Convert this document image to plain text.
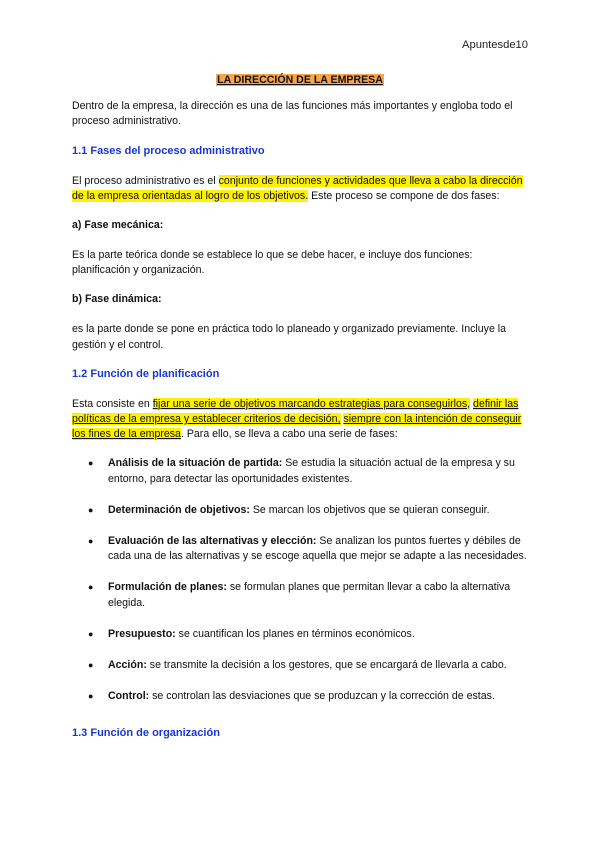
Apuntesde10
LA DIRECCIÓN DE LA EMPRESA

Dentro de la empresa, la dirección es una de las funciones más importantes y engloba todo el proceso administrativo.

1.1 Fases del proceso administrativo

El proceso administrativo es el conjunto de funciones y actividades que lleva a cabo la dirección de la empresa orientadas al logro de los objetivos. Este proceso se compone de dos fases:

a) Fase mecánica:

Es la parte teórica donde se establece lo que se debe hacer, e incluye dos funciones: planificación y organización.

b) Fase dinámica:

es la parte donde se pone en práctica todo lo planeado y organizado previamente. Incluye la gestión y el control.

1.2 Función de planificación

Esta consiste en fijar una serie de objetivos marcando estrategias para conseguirlos, definir las políticas de la empresa y establecer criterios de decisión, siempre con la intención de conseguir los fines de la empresa. Para ello, se lleva a cabo una serie de fases:

● Análisis de la situación de partida: Se estudia la situación actual de la empresa y su entorno, para detectar las oportunidades existentes.
● Determinación de objetivos: Se marcan los objetivos que se quieran conseguir.
● Evaluación de las alternativas y elección: Se analizan los puntos fuertes y débiles de cada una de las alternativas y se escoge aquella que mejor se adapte a las necesidades.
● Formulación de planes: se formulan planes que permitan llevar a cabo la alternativa elegida.
● Presupuesto: se cuantifican los planes en términos económicos.
● Acción: se transmite la decisión a los gestores, que se encargará de llevarla a cabo.
● Control: se controlan las desviaciones que se produzcan y la corrección de estas.
1.3 Función de organización
